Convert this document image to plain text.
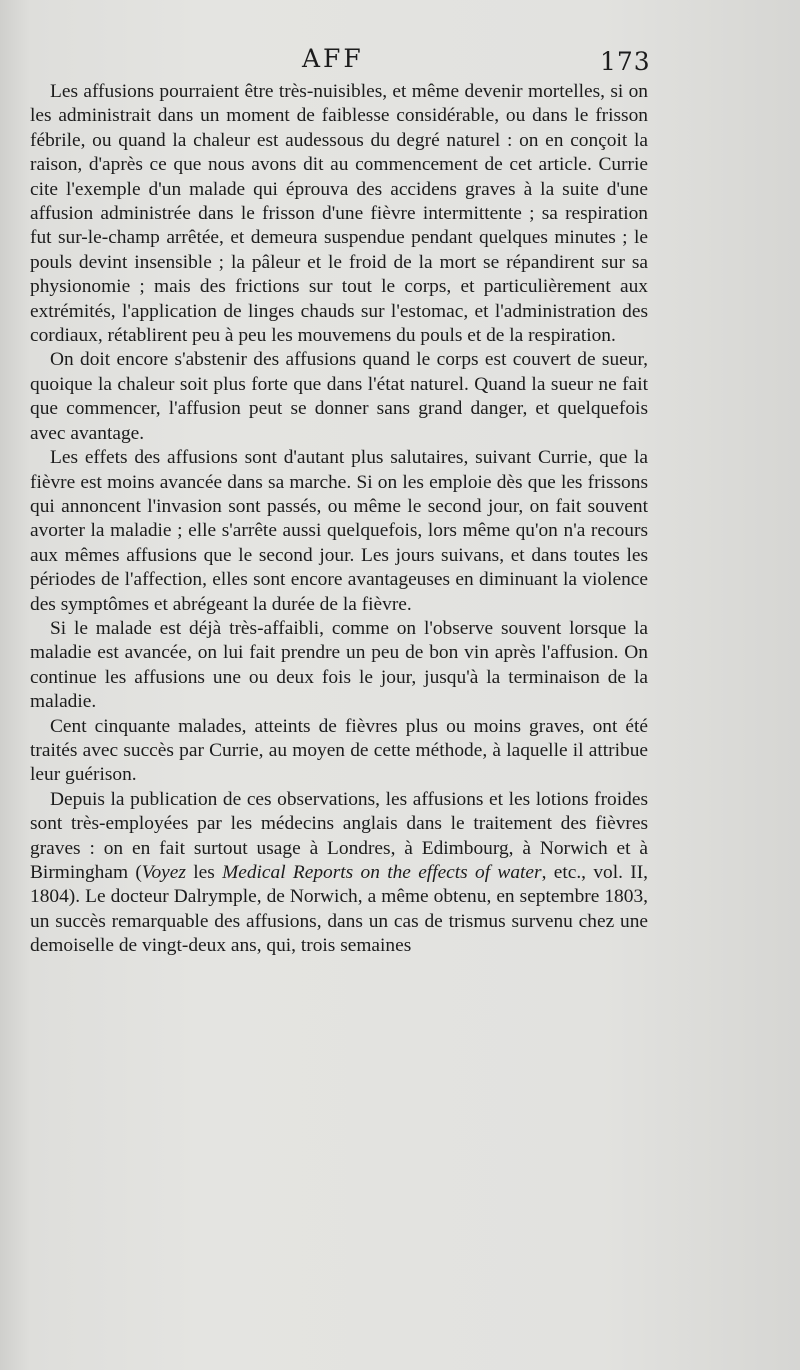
AFF	173

Les affusions pourraient être très-nuisibles, et même devenir mortelles, si on les administrait dans un moment de faiblesse considérable, ou dans le frisson fébrile, ou quand la chaleur est audessous du degré naturel : on en conçoit la raison, d'après ce que nous avons dit au commencement de cet article. Currie cite l'exemple d'un malade qui éprouva des accidens graves à la suite d'une affusion administrée dans le frisson d'une fièvre intermittente ; sa respiration fut sur-le-champ arrêtée, et demeura suspendue pendant quelques minutes ; le pouls devint insensible ; la pâleur et le froid de la mort se répandirent sur sa physionomie ; mais des frictions sur tout le corps, et particulièrement aux extrémités, l'application de linges chauds sur l'estomac, et l'administration des cordiaux, rétablirent peu à peu les mouvemens du pouls et de la respiration.

On doit encore s'abstenir des affusions quand le corps est couvert de sueur, quoique la chaleur soit plus forte que dans l'état naturel. Quand la sueur ne fait que commencer, l'affusion peut se donner sans grand danger, et quelquefois avec avantage.

Les effets des affusions sont d'autant plus salutaires, suivant Currie, que la fièvre est moins avancée dans sa marche. Si on les emploie dès que les frissons qui annoncent l'invasion sont passés, ou même le second jour, on fait souvent avorter la maladie ; elle s'arrête aussi quelquefois, lors même qu'on n'a recours aux mêmes affusions que le second jour. Les jours suivans, et dans toutes les périodes de l'affection, elles sont encore avantageuses en diminuant la violence des symptômes et abrégeant la durée de la fièvre.

Si le malade est déjà très-affaibli, comme on l'observe souvent lorsque la maladie est avancée, on lui fait prendre un peu de bon vin après l'affusion. On continue les affusions une ou deux fois le jour, jusqu'à la terminaison de la maladie.

Cent cinquante malades, atteints de fièvres plus ou moins graves, ont été traités avec succès par Currie, au moyen de cette méthode, à laquelle il attribue leur guérison.

Depuis la publication de ces observations, les affusions et les lotions froides sont très-employées par les médecins anglais dans le traitement des fièvres graves : on en fait surtout usage à Londres, à Edimbourg, à Norwich et à Birmingham (Voyez les Medical Reports on the effects of water, etc., vol. II, 1804). Le docteur Dalrymple, de Norwich, a même obtenu, en septembre 1803, un succès remarquable des affusions, dans un cas de trismus survenu chez une demoiselle de vingt-deux ans, qui, trois semaines
